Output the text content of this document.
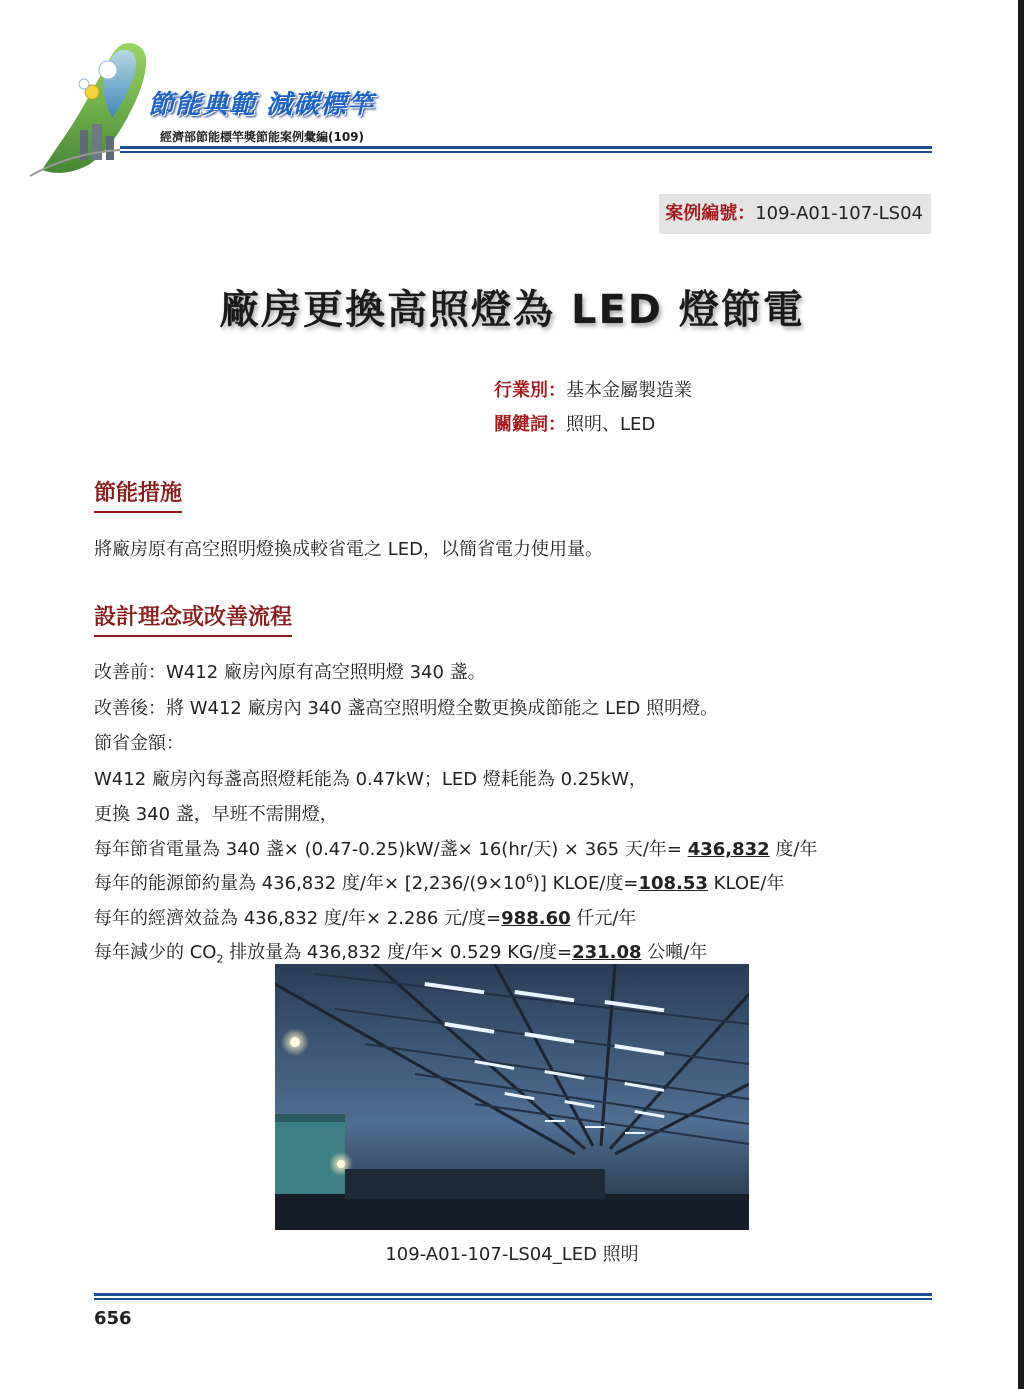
節能典範 減碳標竿
經濟部節能標竿獎節能案例彙編(109)
案例編號：109-A01-107-LS04
廠房更換高照燈為 LED 燈節電
行業別：基本金屬製造業
關鍵詞：照明、LED
節能措施
將廠房原有高空照明燈換成較省電之 LED，以簡省電力使用量。
設計理念或改善流程
改善前：W412 廠房內原有高空照明燈 340 盞。
改善後：將 W412 廠房內 340 盞高空照明燈全數更換成節能之 LED 照明燈。
節省金額：
W412 廠房內每盞高照燈耗能為 0.47kW；LED 燈耗能為 0.25kW，
更換 340 盞，早班不需開燈，
每年節省電量為 340 盞× (0.47-0.25)kW/盞× 16(hr/天) × 365 天/年= 436,832 度/年
每年的能源節約量為 436,832 度/年× $[2,236/(9\times 10^6)]$ KLOE/度=108.53 KLOE/年
每年的經濟效益為 436,832 度/年× 2.286 元/度=988.60 仟元/年
每年減少的 $CO_2$ 排放量為 436,832 度/年× 0.529 KG/度=231.08 公噸/年
109-A01-107-LS04_LED 照明
656
